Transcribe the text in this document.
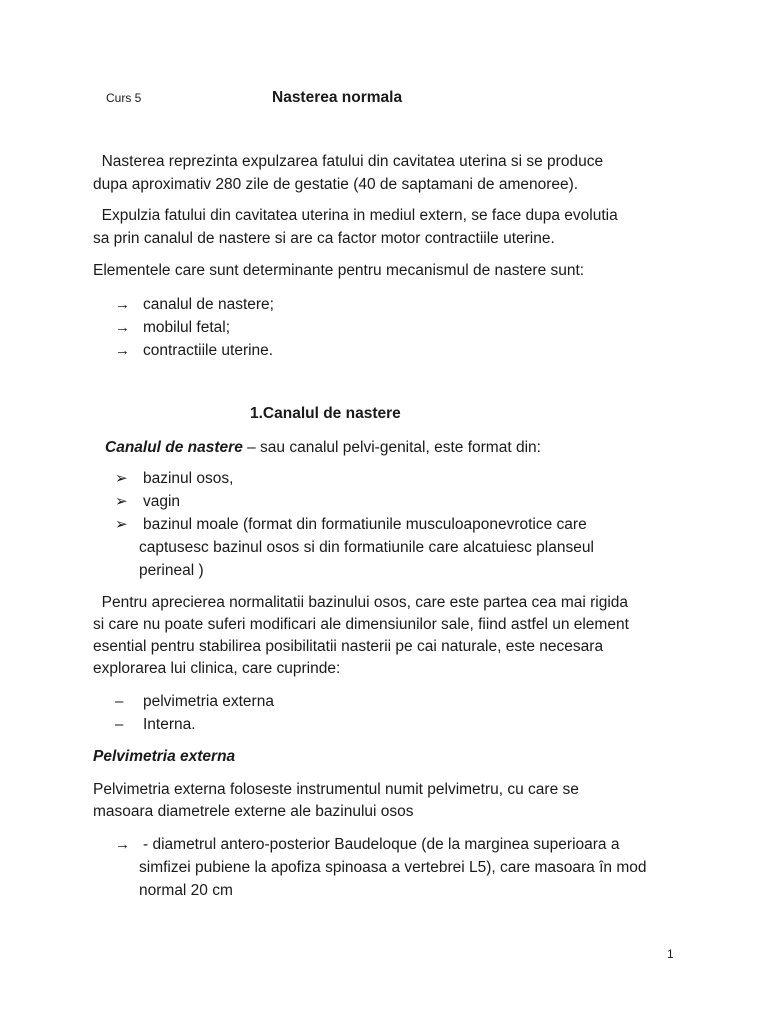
Curs 5	Nasterea normala
Nasterea reprezinta expulzarea fatului din cavitatea uterina si se produce
dupa aproximativ 280 zile de gestatie (40 de saptamani de amenoree).
Expulzia fatului din cavitatea uterina in mediul extern, se face dupa evolutia
sa prin canalul de nastere si are ca factor motor contractiile uterine.
Elementele care sunt determinante pentru mecanismul de nastere sunt:
→ canalul de nastere;
→ mobilul fetal;
→ contractiile uterine.
1.Canalul de nastere
Canalul de nastere – sau canalul pelvi-genital, este format din:
➢ bazinul osos,
➢ vagin
➢ bazinul moale (format din formatiunile musculoaponevrotice care
captusesc bazinul osos si din formatiunile care alcatuiesc planseul
perineal )
Pentru aprecierea normalitatii bazinului osos, care este partea cea mai rigida
si care nu poate suferi modificari ale dimensiunilor sale, fiind astfel un element
esential pentru stabilirea posibilitatii nasterii pe cai naturale, este necesara
explorarea lui clinica, care cuprinde:
–	pelvimetria externa
–	Interna.
Pelvimetria externa
Pelvimetria externa foloseste instrumentul numit pelvimetru, cu care se
masoara diametrele externe ale bazinului osos
→ - diametrul antero-posterior Baudeloque (de la marginea superioara a
simfizei pubiene la apofiza spinoasa a vertebrei L5), care masoara în mod
normal 20 cm
1
